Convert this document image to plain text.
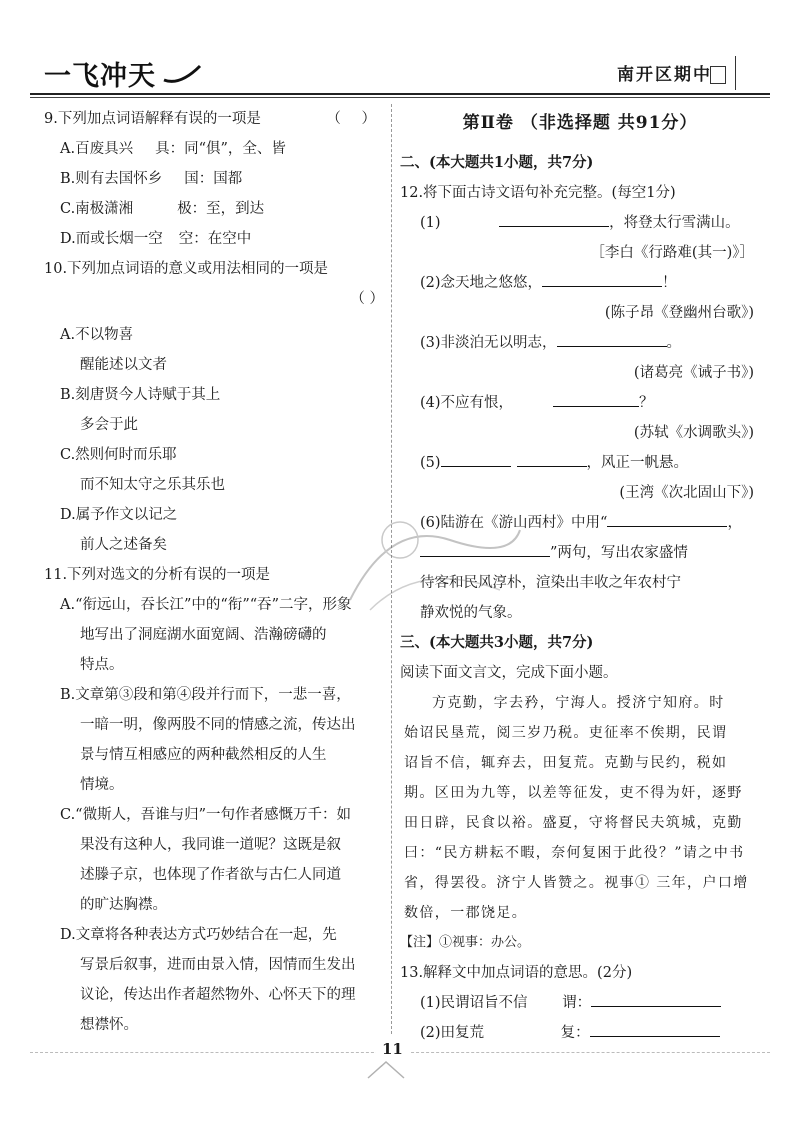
一飞冲天	南开区期中
9.下列加点词语解释有误的一项是	（ ）
A.百废具兴 具：同“俱”，全、皆
B.则有去国怀乡 国：国都
C.南极潇湘	极：至，到达
D.而或长烟一空 空：在空中
10.下列加点词语的意义或用法相同的一项是
（ ）
A.不以物喜
醒能述以文者
B.刻唐贤今人诗赋于其上
多会于此
C.然则何时而乐耶
而不知太守之乐其乐也
D.属予作文以记之
前人之述备矣
11.下列对选文的分析有误的一项是
A.“衔远山，吞长江”中的“衔”“吞”二字，形象
地写出了洞庭湖水面宽阔、浩瀚磅礴的
特点。
B.文章第③段和第④段并行而下，一悲一喜，
一暗一明，像两股不同的情感之流，传达出
景与情互相感应的两种截然相反的人生
情境。
C.“微斯人，吾谁与归”一句作者感慨万千：如
果没有这种人，我同谁一道呢？这既是叙
述滕子京，也体现了作者欲与古仁人同道
的旷达胸襟。
D.文章将各种表达方式巧妙结合在一起，先
写景后叙事，进而由景入情，因情而生发出
议论，传达出作者超然物外、心怀天下的理
想襟怀。
第Ⅱ卷 （非选择题 共91分）
二、(本大题共1小题，共7分)
12.将下面古诗文语句补充完整。(每空1分)
(1)	，将登太行雪满山。
［李白《行路难(其一)》］
(2)念天地之悠悠，	！
(陈子昂《登幽州台歌》)
(3)非淡泊无以明志，	。
(诸葛亮《诫子书》)
(4)不应有恨，	？
(苏轼《水调歌头》)
(5)	，风正一帆悬。
(王湾《次北固山下》)
(6)陆游在《游山西村》中用“	，
”两句，写出农家盛情
待客和民风淳朴，渲染出丰收之年农村宁
静欢悦的气象。
三、(本大题共3小题，共7分)
阅读下面文言文，完成下面小题。
方克勤，字去矜，宁海人。授济宁知府。时
始诏民垦荒，阅三岁乃税。吏征率不俟期，民谓
诏旨不信，辄弃去，田复荒。克勤与民约，税如
期。区田为九等，以差等征发，吏不得为奸，逐野
田日辟，民食以裕。盛夏，守将督民夫筑城，克勤
曰：“民方耕耘不暇，奈何复困于此役？”请之中书
省，得罢役。济宁人皆赞之。视事① 三年，户口增
数倍，一郡饶足。
【注】①视事：办公。
13.解释文中加点词语的意思。(2分)
(1)民谓诏旨不信 谓：
(2)田复荒	复：
11
